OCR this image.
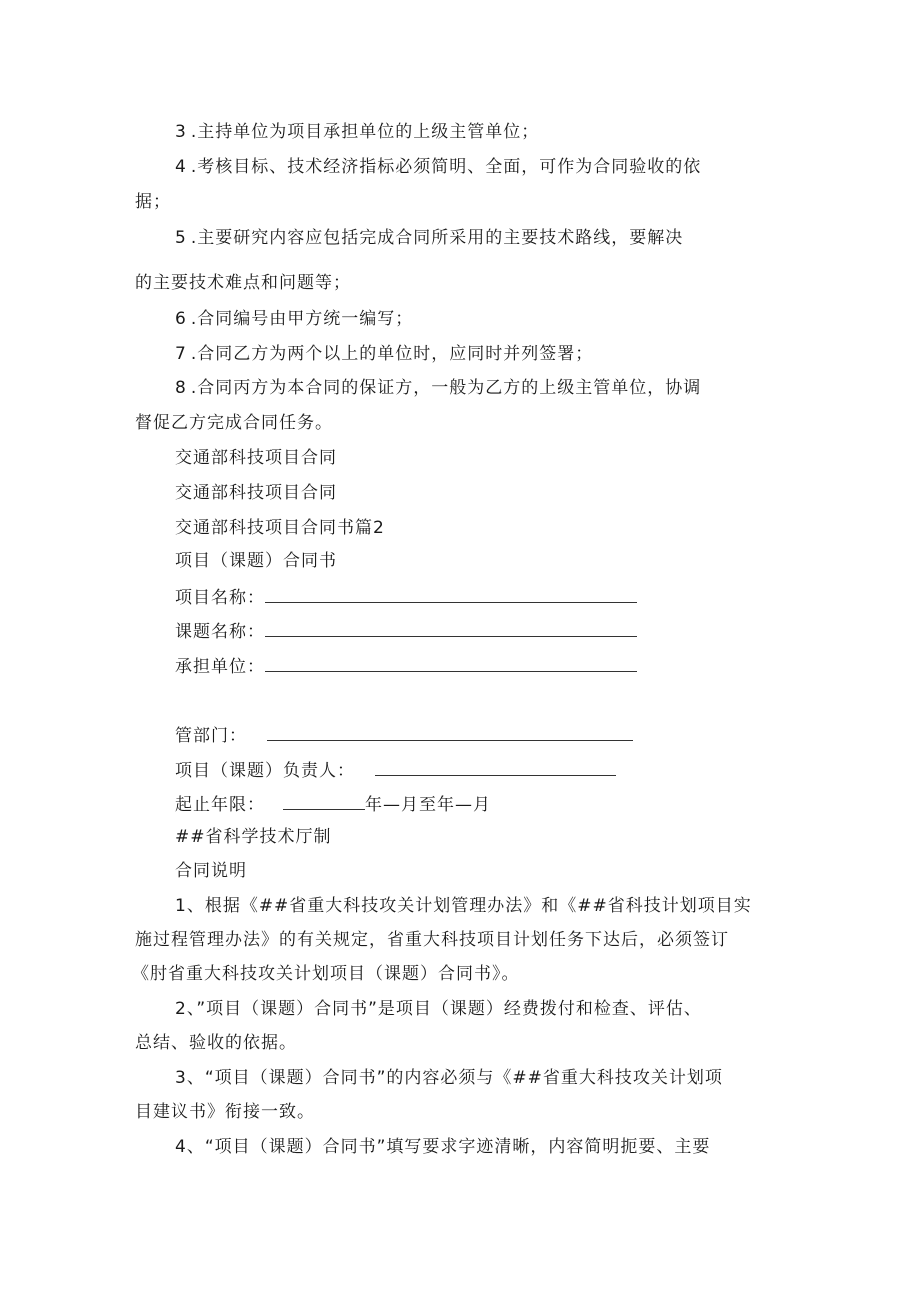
3 .主持单位为项目承担单位的上级主管单位；
4 .考核目标、技术经济指标必须简明、全面，可作为合同验收的依
据；
5 .主要研究内容应包括完成合同所采用的主要技术路线，要解决
的主要技术难点和问题等；
6 .合同编号由甲方统一编写；
7 .合同乙方为两个以上的单位时，应同时并列签署；
8 .合同丙方为本合同的保证方，一般为乙方的上级主管单位，协调
督促乙方完成合同任务。
交通部科技项目合同
交通部科技项目合同
交通部科技项目合同书篇2
项目（课题）合同书
项目名称：
课题名称：
承担单位：
管部门：
项目（课题）负责人：
起止年限：	年—月至年—月
##省科学技术厅制
合同说明
1、根据《##省重大科技攻关计划管理办法》和《##省科技计划项目实
施过程管理办法》的有关规定，省重大科技项目计划任务下达后，必须签订
《肘省重大科技攻关计划项目（课题）合同书》。
2、”项目（课题）合同书”是项目（课题）经费拨付和检查、评估、
总结、验收的依据。
3、“项目（课题）合同书”的内容必须与《##省重大科技攻关计划项
目建议书》衔接一致。
4、“项目（课题）合同书”填写要求字迹清晰，内容简明扼要、主要
